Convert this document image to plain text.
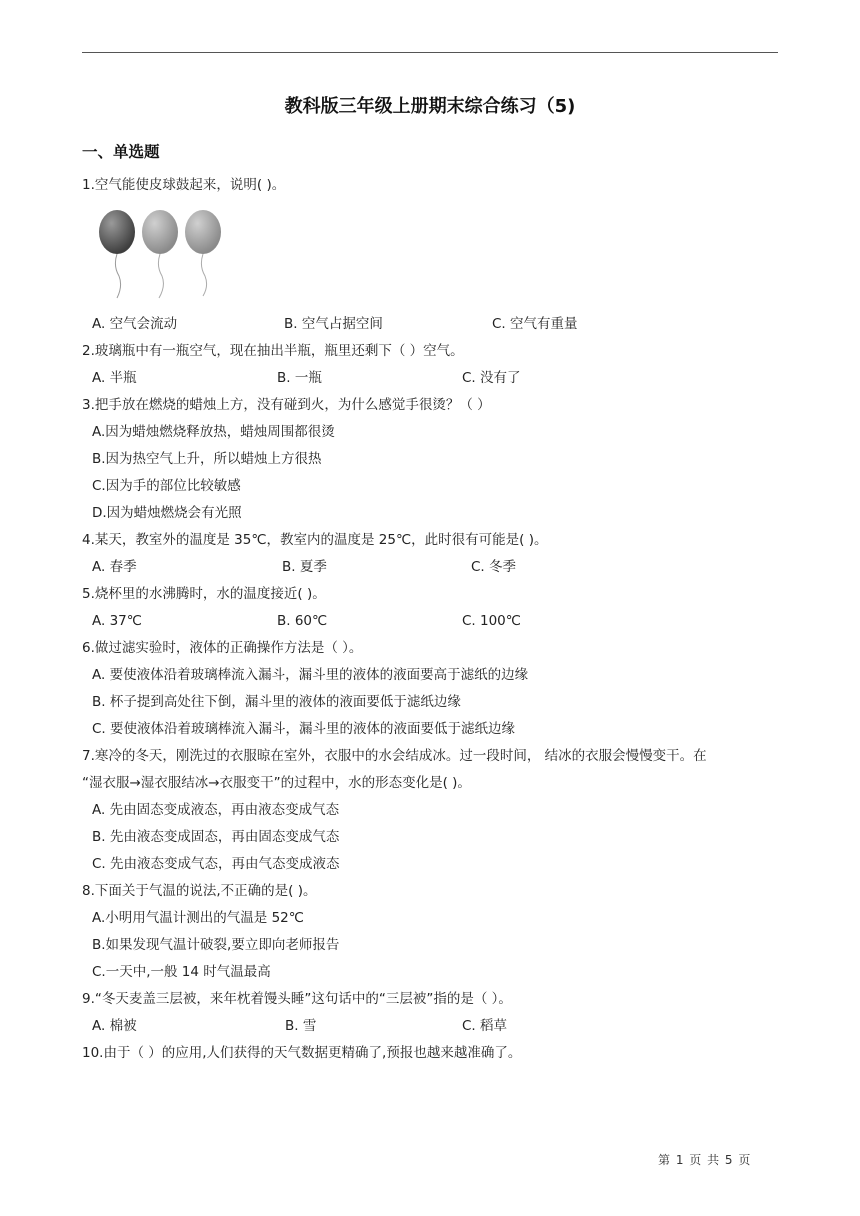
教科版三年级上册期末综合练习（5)
一、单选题
1.空气能使皮球鼓起来，说明( )。
A. 空气会流动	B. 空气占据空间	C. 空气有重量
2.玻璃瓶中有一瓶空气，现在抽出半瓶，瓶里还剩下（ ）空气。
A. 半瓶	B. 一瓶	C. 没有了
3.把手放在燃烧的蜡烛上方，没有碰到火，为什么感觉手很烫？（ ）
A.因为蜡烛燃烧释放热，蜡烛周围都很烫
B.因为热空气上升，所以蜡烛上方很热
C.因为手的部位比较敏感
D.因为蜡烛燃烧会有光照
4.某天，教室外的温度是 35℃，教室内的温度是 25℃，此时很有可能是( )。
A. 春季	B. 夏季	C. 冬季
5.烧杯里的水沸腾时，水的温度接近( )。
A. 37℃	B. 60℃	C. 100℃
6.做过滤实验时，液体的正确操作方法是（ ）。
A. 要使液体沿着玻璃棒流入漏斗，漏斗里的液体的液面要高于滤纸的边缘
B. 杯子提到高处往下倒，漏斗里的液体的液面要低于滤纸边缘
C. 要使液体沿着玻璃棒流入漏斗，漏斗里的液体的液面要低于滤纸边缘
7.寒冷的冬天，刚洗过的衣服晾在室外，衣服中的水会结成冰。过一段时间， 结冰的衣服会慢慢变干。在
“湿衣服→湿衣服结冰→衣服变干”的过程中，水的形态变化是( )。
A. 先由固态变成液态，再由液态变成气态
B. 先由液态变成固态，再由固态变成气态
C. 先由液态变成气态，再由气态变成液态
8.下面关于气温的说法,不正确的是( )。
A.小明用气温计测出的气温是 52℃
B.如果发现气温计破裂,要立即向老师报告
C.一天中,一般 14 时气温最高
9.“冬天麦盖三层被，来年枕着馒头睡”这句话中的“三层被”指的是（ ）。
A. 棉被	B. 雪	C. 稻草
10.由于（ ）的应用,人们获得的天气数据更精确了,预报也越来越准确了。
第 1 页 共 5 页
